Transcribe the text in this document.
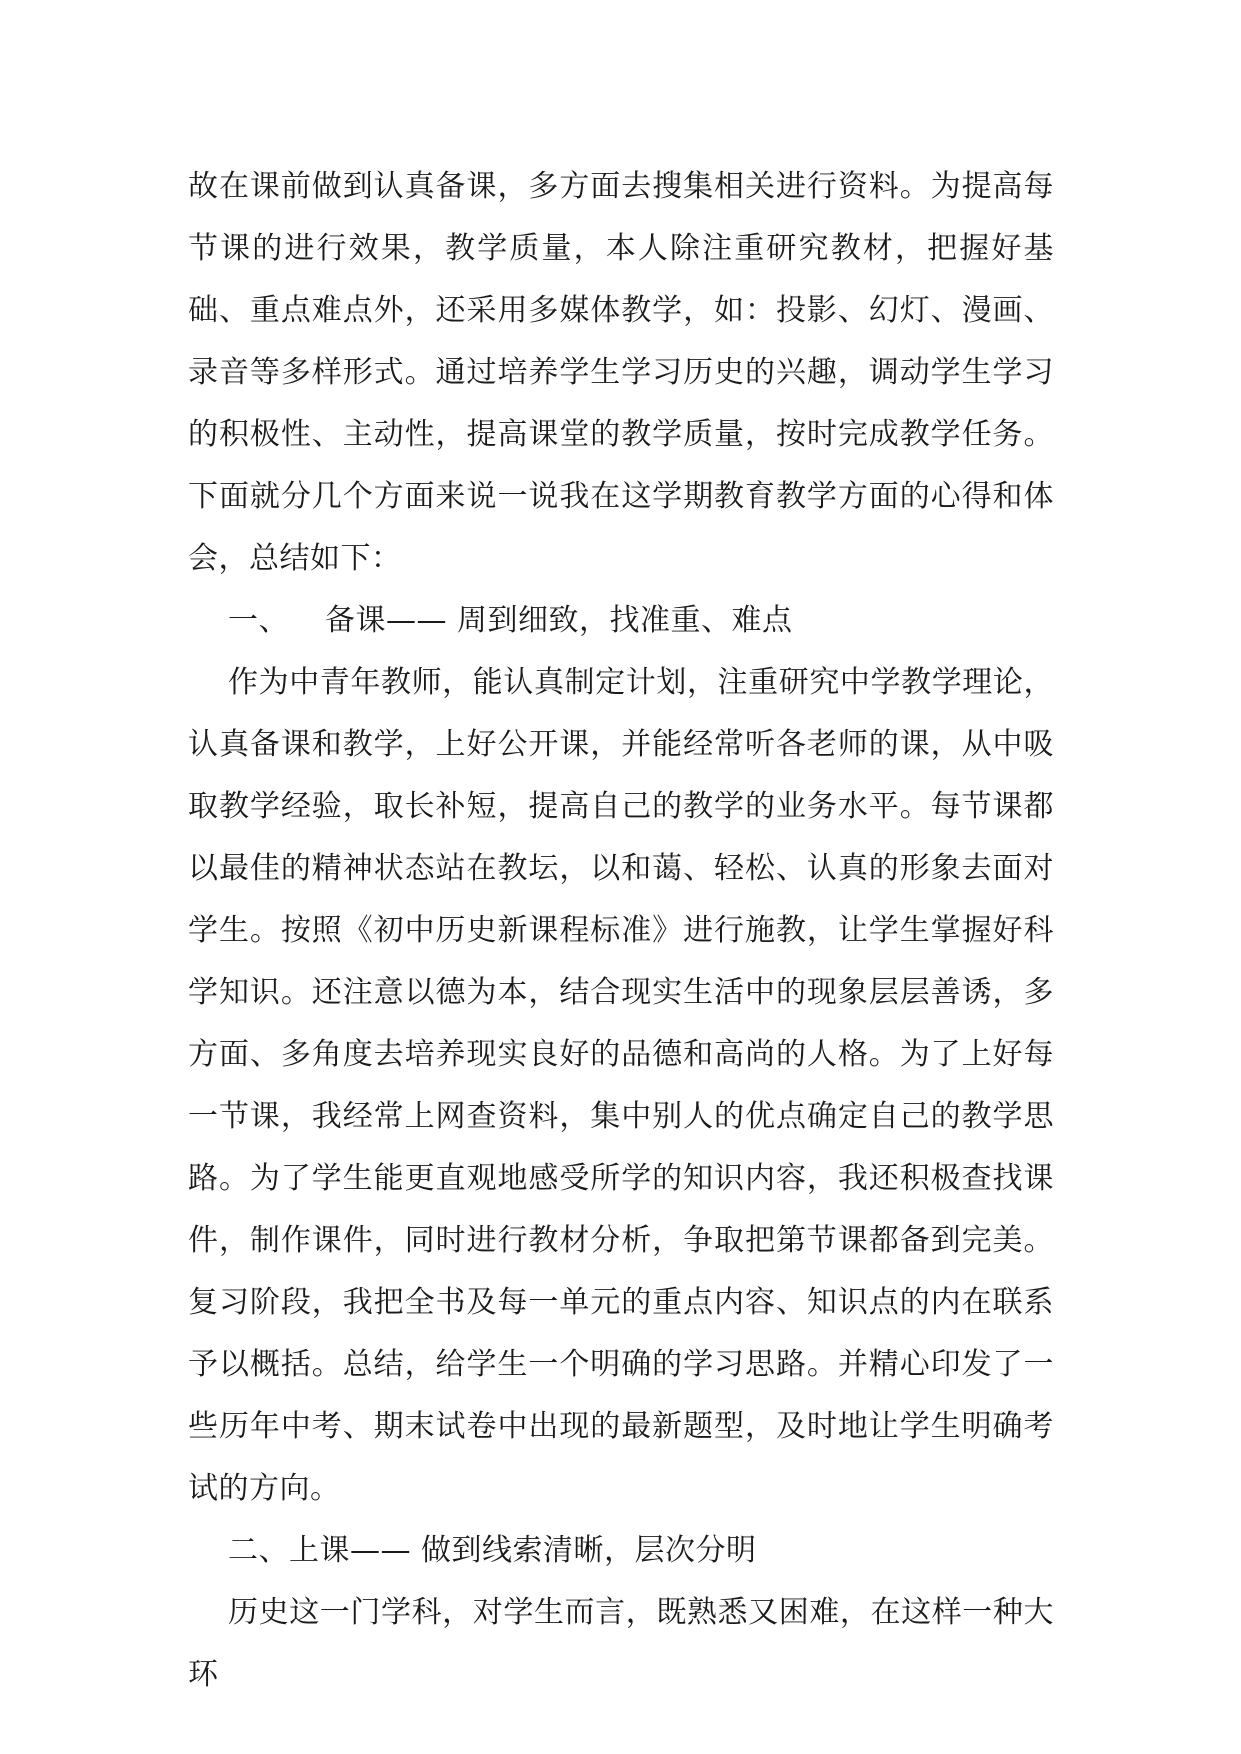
故在课前做到认真备课，多方面去搜集相关进行资料。为提高每节课的进行效果，教学质量，本人除注重研究教材，把握好基础、重点难点外，还采用多媒体教学，如：投影、幻灯、漫画、录音等多样形式。通过培养学生学习历史的兴趣，调动学生学习的积极性、主动性，提高课堂的教学质量，按时完成教学任务。下面就分几个方面来说一说我在这学期教育教学方面的心得和体会，总结如下：

一、 备课—— 周到细致，找准重、难点

作为中青年教师，能认真制定计划，注重研究中学教学理论，认真备课和教学，上好公开课，并能经常听各老师的课，从中吸取教学经验，取长补短，提高自己的教学的业务水平。每节课都以最佳的精神状态站在教坛，以和蔼、轻松、认真的形象去面对学生。按照《初中历史新课程标准》进行施教，让学生掌握好科学知识。还注意以德为本，结合现实生活中的现象层层善诱，多方面、多角度去培养现实良好的品德和高尚的人格。为了上好每一节课，我经常上网查资料，集中别人的优点确定自己的教学思路。为了学生能更直观地感受所学的知识内容，我还积极查找课件，制作课件，同时进行教材分析，争取把第节课都备到完美。复习阶段，我把全书及每一单元的重点内容、知识点的内在联系予以概括。总结，给学生一个明确的学习思路。并精心印发了一些历年中考、期末试卷中出现的最新题型，及时地让学生明确考试的方向。

二、上课—— 做到线索清晰，层次分明

历史这一门学科，对学生而言，既熟悉又困难，在这样一种大环
